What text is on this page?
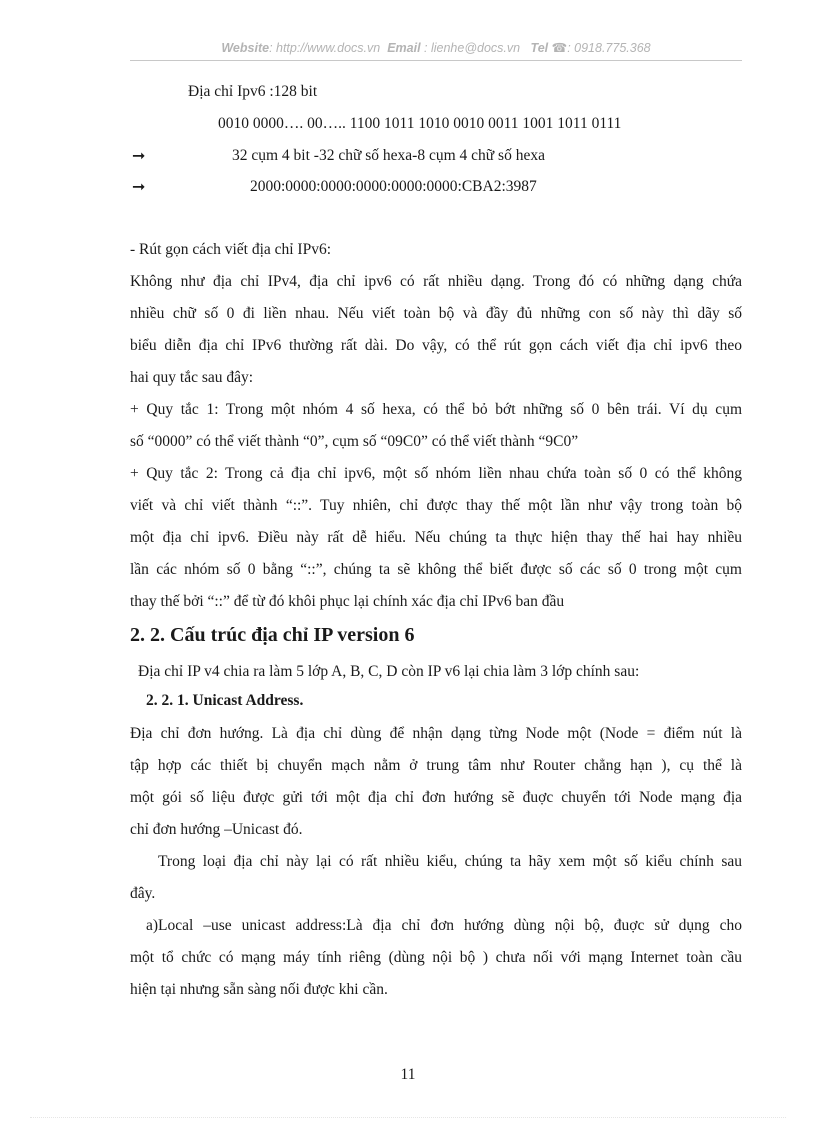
Website: http://www.docs.vn Email : lienhe@docs.vn Tel ☎: 0918.775.368
Địa chỉ Ipv6 :128 bit
0010 0000…. 00….. 1100 1011 1010 0010 0011 1001 1011 0111
➞	32 cụm 4 bit -32 chữ số hexa-8 cụm 4 chữ số hexa
➞	2000:0000:0000:0000:0000:0000:CBA2:3987
- Rút gọn cách viết địa chỉ IPv6:
Không như địa chỉ IPv4, địa chỉ ipv6 có rất nhiều dạng. Trong đó có những dạng chứa
nhiều chữ số 0 đi liền nhau. Nếu viết toàn bộ và đầy đủ những con số này thì dãy số
biểu diễn địa chỉ IPv6 thường rất dài. Do vậy, có thể rút gọn cách viết địa chỉ ipv6 theo
hai quy tắc sau đây:
+ Quy tắc 1: Trong một nhóm 4 số hexa, có thể bỏ bớt những số 0 bên trái. Ví dụ cụm
số “0000” có thể viết thành “0”, cụm số “09C0” có thể viết thành “9C0”
+ Quy tắc 2: Trong cả địa chỉ ipv6, một số nhóm liền nhau chứa toàn số 0 có thể không
viết và chỉ viết thành “::”. Tuy nhiên, chỉ được thay thế một lần như vậy trong toàn bộ
một địa chỉ ipv6. Điều này rất dễ hiểu. Nếu chúng ta thực hiện thay thế hai hay nhiều
lần các nhóm số 0 bằng “::”, chúng ta sẽ không thể biết được số các số 0 trong một cụm
thay thế bởi “::” để từ đó khôi phục lại chính xác địa chỉ IPv6 ban đầu
2. 2. Cấu trúc địa chỉ IP version 6
Địa chỉ IP v4 chia ra làm 5 lớp A, B, C, D còn IP v6 lại chia làm 3 lớp chính sau:
2. 2. 1. Unicast Address.
Địa chỉ đơn hướng. Là địa chỉ dùng để nhận dạng từng Node một (Node = điểm nút là
tập hợp các thiết bị chuyển mạch nằm ở trung tâm như Router chẳng hạn ), cụ thể là
một gói số liệu được gửi tới một địa chỉ đơn hướng sẽ đuợc chuyển tới Node mạng địa
chỉ đơn hướng –Unicast đó.
Trong loại địa chỉ này lại có rất nhiều kiểu, chúng ta hãy xem một số kiểu chính sau
đây.
a)Local –use unicast address:Là địa chỉ đơn hướng dùng nội bộ, đuợc sử dụng cho
một tổ chức có mạng máy tính riêng (dùng nội bộ ) chưa nối với mạng Internet toàn cầu
hiện tại nhưng sẵn sàng nối được khi cần.
11
